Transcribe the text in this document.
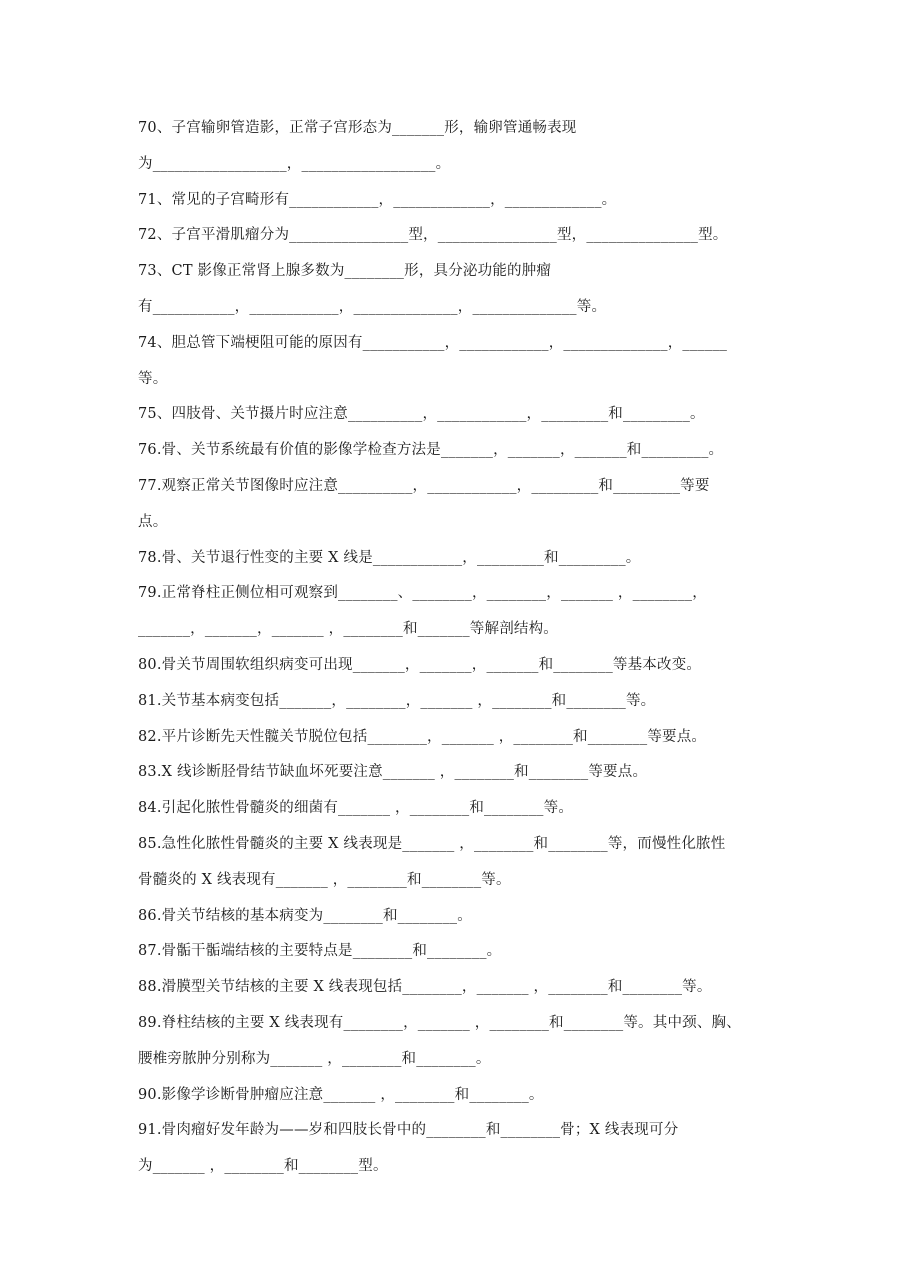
70、子宫输卵管造影，正常子宫形态为_______形，输卵管通畅表现
为__________________，__________________。
71、常见的子宫畸形有____________，_____________，_____________。
72、子宫平滑肌瘤分为________________型，________________型，_______________型。
73、CT 影像正常肾上腺多数为________形，具分泌功能的肿瘤
有___________，____________，______________，______________等。
74、胆总管下端梗阻可能的原因有___________，____________，______________，______
等。
75、四肢骨、关节摄片时应注意__________，____________，_________和_________。
76.骨、关节系统最有价值的影像学检查方法是_______，_______，_______和_________。
77.观察正常关节图像时应注意__________，____________，_________和_________等要
点。
78.骨、关节退行性变的主要 X 线是____________，_________和_________。
79.正常脊柱正侧位相可观察到________、________，________，_______ ，________，
_______，_______，_______ ，________和_______等解剖结构。
80.骨关节周围软组织病变可出现_______，_______，_______和________等基本改变。
81.关节基本病变包括_______，________，_______ ，________和________等。
82.平片诊断先天性髋关节脱位包括________，_______ ，________和________等要点。
83.X 线诊断胫骨结节缺血坏死要注意_______ ，________和________等要点。
84.引起化脓性骨髓炎的细菌有_______ ，________和________等。
85.急性化脓性骨髓炎的主要 X 线表现是_______ ，________和________等，而慢性化脓性
骨髓炎的 X 线表现有_______ ，________和________等。
86.骨关节结核的基本病变为________和________。
87.骨骺干骺端结核的主要特点是________和________。
88.滑膜型关节结核的主要 X 线表现包括________，_______ ，________和________等。
89.脊柱结核的主要 X 线表现有________，_______ ，________和________等。其中颈、胸、
腰椎旁脓肿分别称为_______ ，________和________。
90.影像学诊断骨肿瘤应注意_______ ，________和________。
91.骨肉瘤好发年龄为——岁和四肢长骨中的________和________骨；X 线表现可分
为_______ ，________和________型。
